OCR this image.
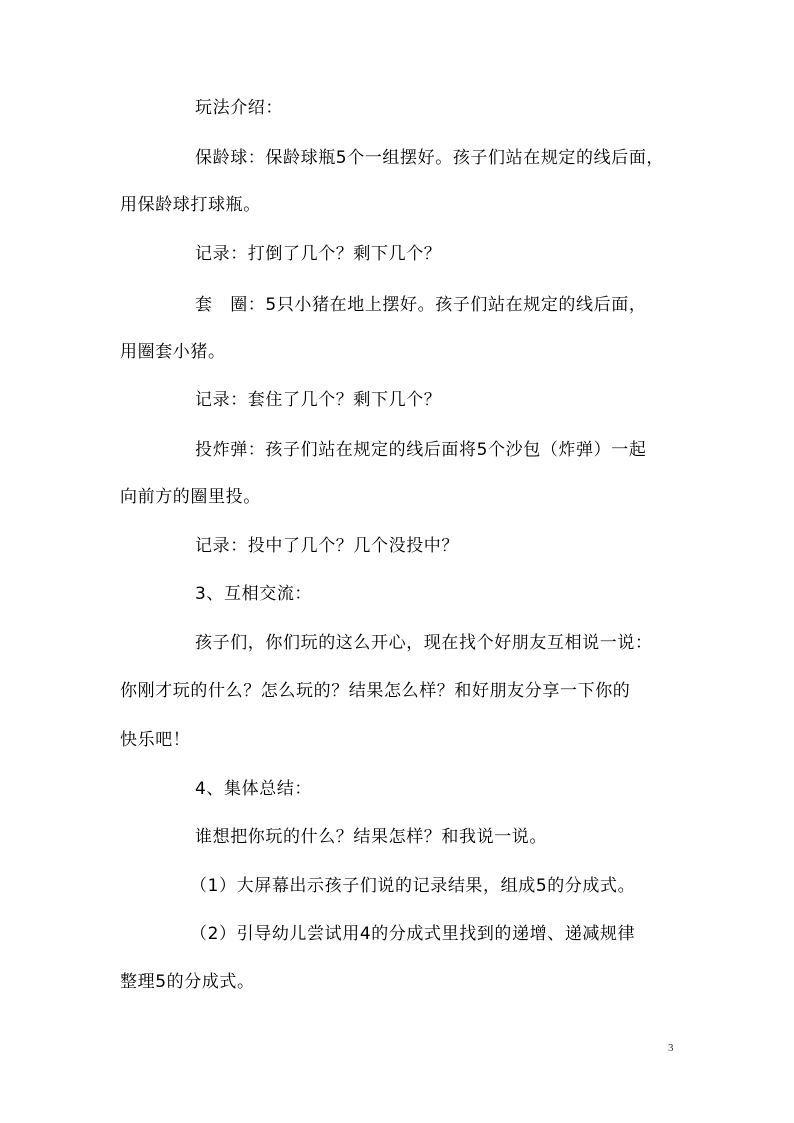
玩法介绍：
保龄球：保龄球瓶5个一组摆好。孩子们站在规定的线后面，
用保龄球打球瓶。
记录：打倒了几个？剩下几个？
套　圈：5只小猪在地上摆好。孩子们站在规定的线后面，
用圈套小猪。
记录：套住了几个？剩下几个？
投炸弹：孩子们站在规定的线后面将5个沙包（炸弹）一起
向前方的圈里投。
记录：投中了几个？几个没投中？
3、互相交流：
孩子们，你们玩的这么开心，现在找个好朋友互相说一说：
你刚才玩的什么？怎么玩的？结果怎么样？和好朋友分享一下你的
快乐吧！
4、集体总结：
谁想把你玩的什么？结果怎样？和我说一说。
（1）大屏幕出示孩子们说的记录结果，组成5的分成式。
（2）引导幼儿尝试用4的分成式里找到的递增、递减规律
整理5的分成式。
3
